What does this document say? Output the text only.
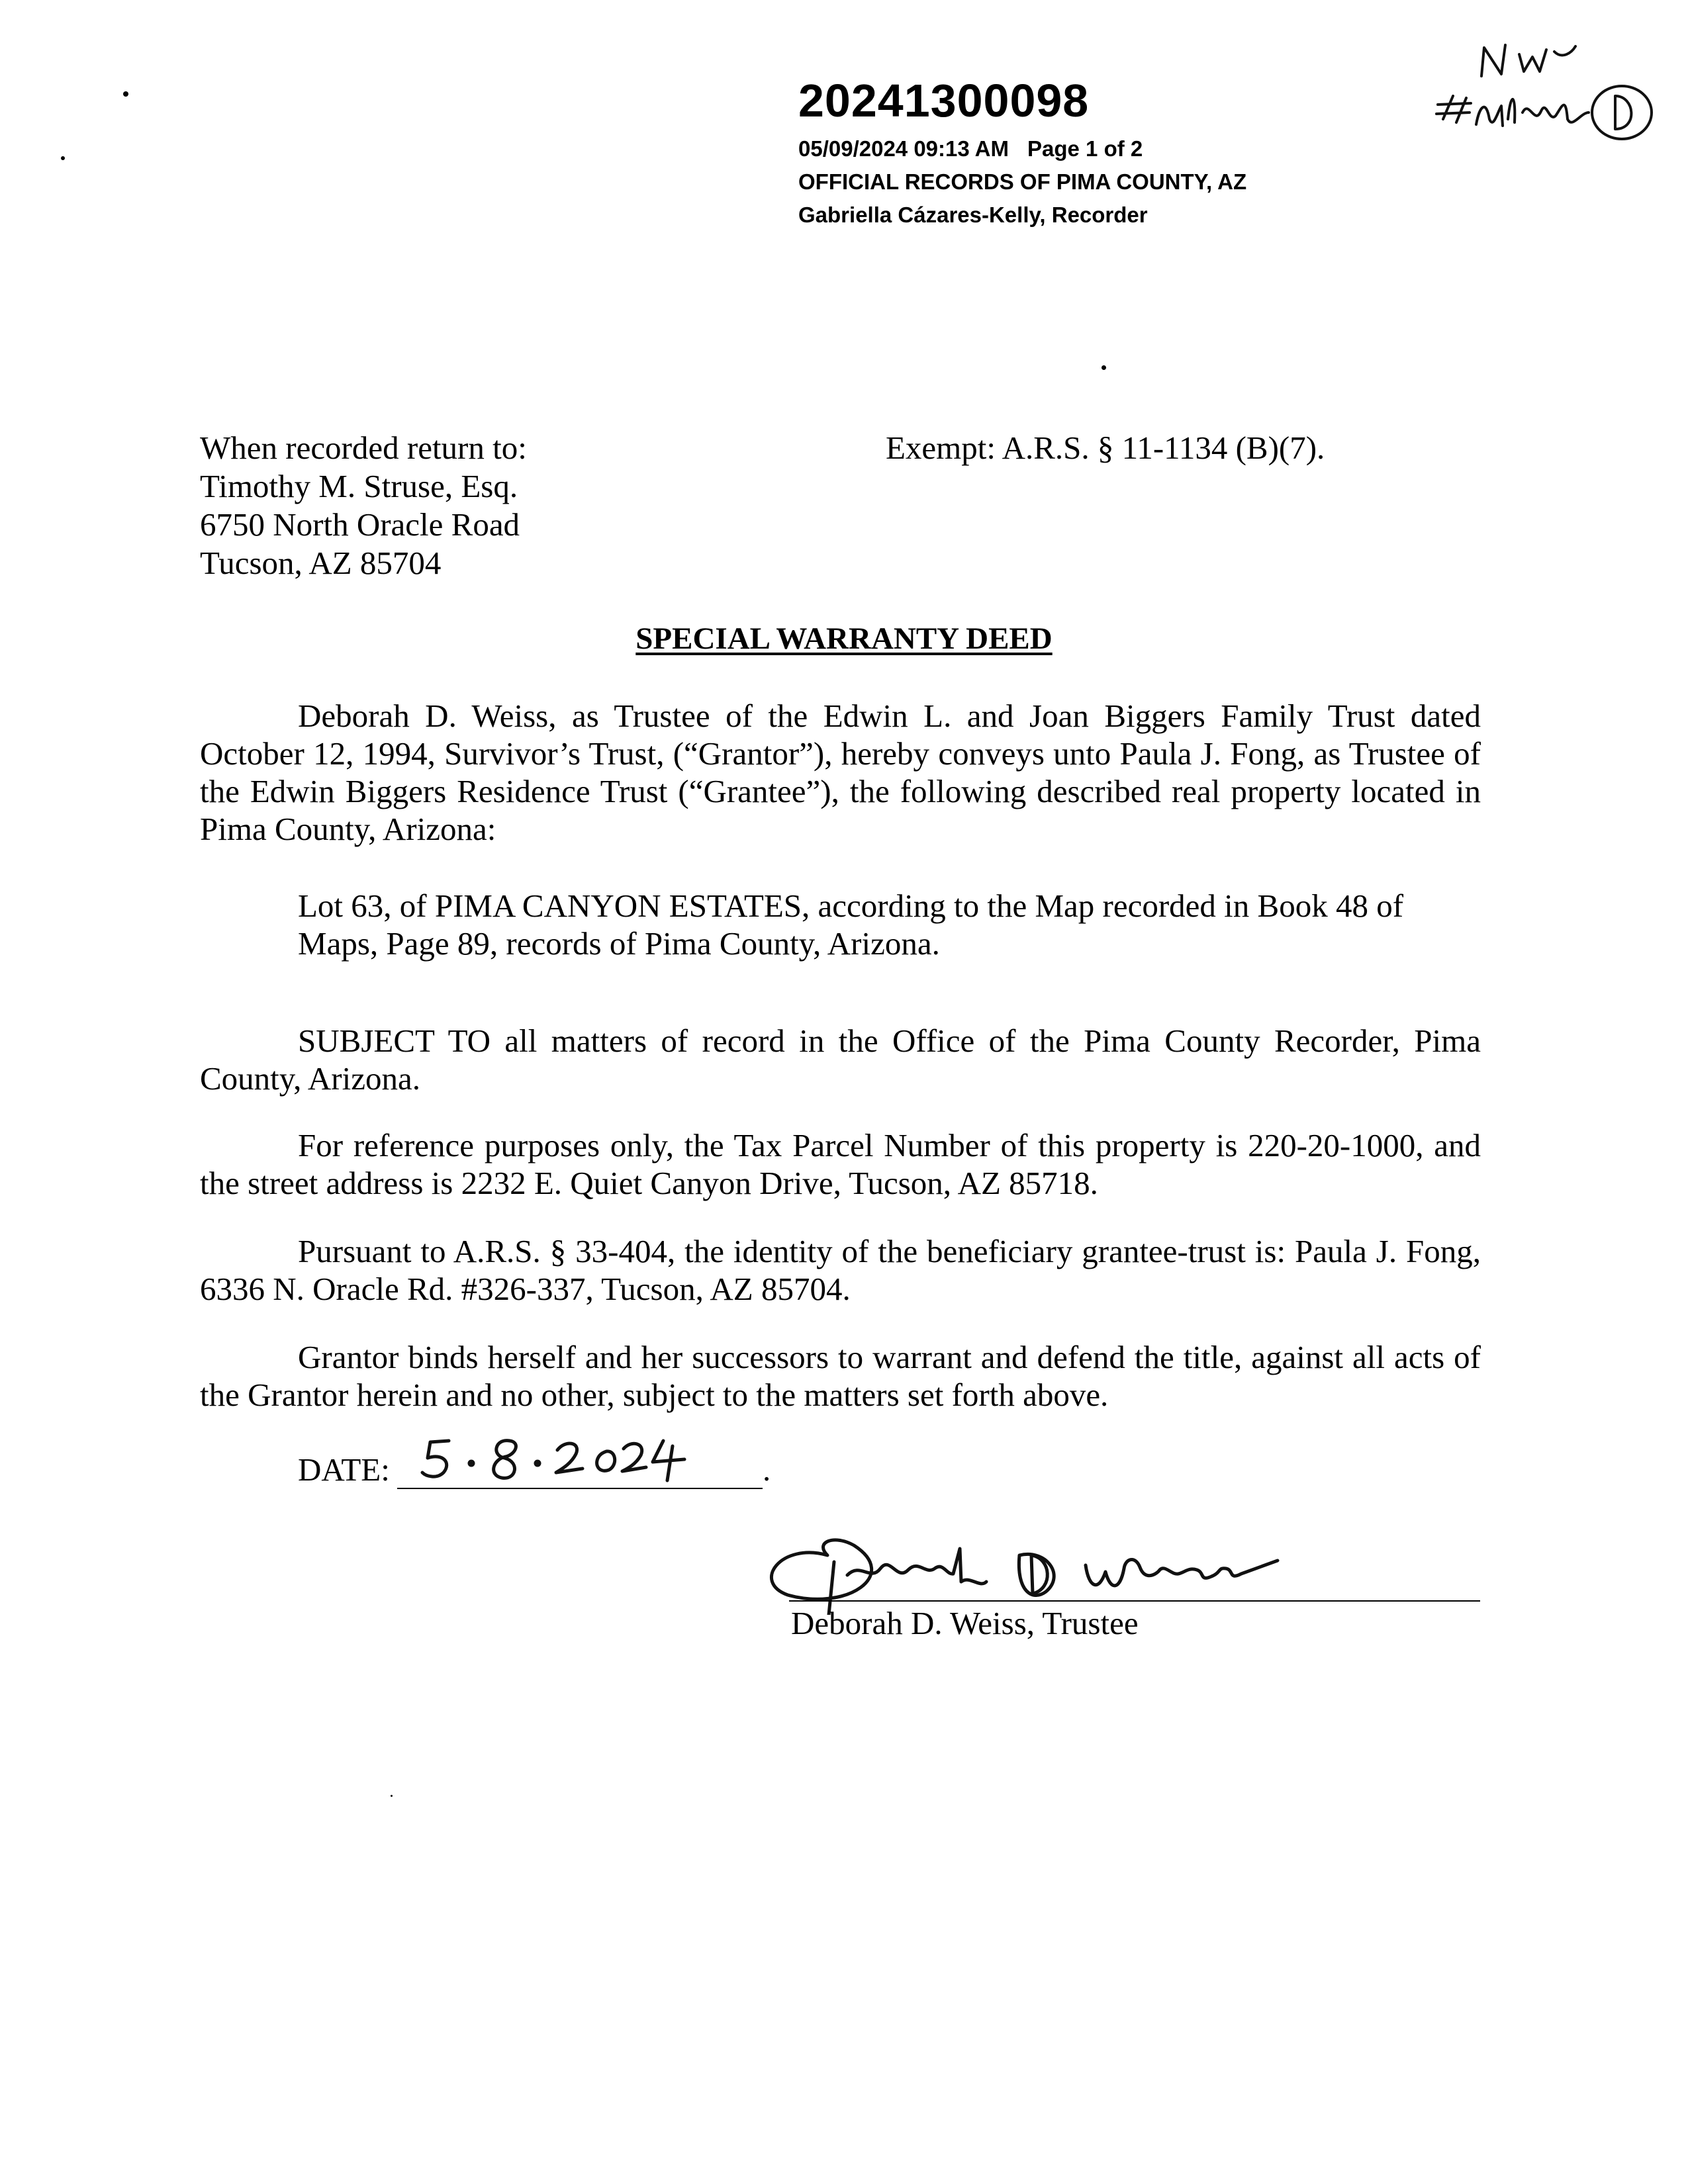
20241300098
05/09/2024 09:13 AM Page 1 of 2
OFFICIAL RECORDS OF PIMA COUNTY, AZ
Gabriella Cázares-Kelly, Recorder
When recorded return to:
Timothy M. Struse, Esq.
6750 North Oracle Road
Tucson, AZ 85704
Exempt: A.R.S. § 11-1134 (B)(7).
SPECIAL WARRANTY DEED
Deborah D. Weiss, as Trustee of the Edwin L. and Joan Biggers Family Trust dated October 12, 1994, Survivor’s Trust, (“Grantor”), hereby conveys unto Paula J. Fong, as Trustee of the Edwin Biggers Residence Trust (“Grantee”), the following described real property located in Pima County, Arizona:
Lot 63, of PIMA CANYON ESTATES, according to the Map recorded in Book 48 of Maps, Page 89, records of Pima County, Arizona.
SUBJECT TO all matters of record in the Office of the Pima County Recorder, Pima County, Arizona.
For reference purposes only, the Tax Parcel Number of this property is 220-20-1000, and the street address is 2232 E. Quiet Canyon Drive, Tucson, AZ 85718.
Pursuant to A.R.S. § 33-404, the identity of the beneficiary grantee-trust is: Paula J. Fong, 6336 N. Oracle Rd. #326-337, Tucson, AZ 85704.
Grantor binds herself and her successors to warrant and defend the title, against all acts of the Grantor herein and no other, subject to the matters set forth above.
DATE:	.
Deborah D. Weiss, Trustee
